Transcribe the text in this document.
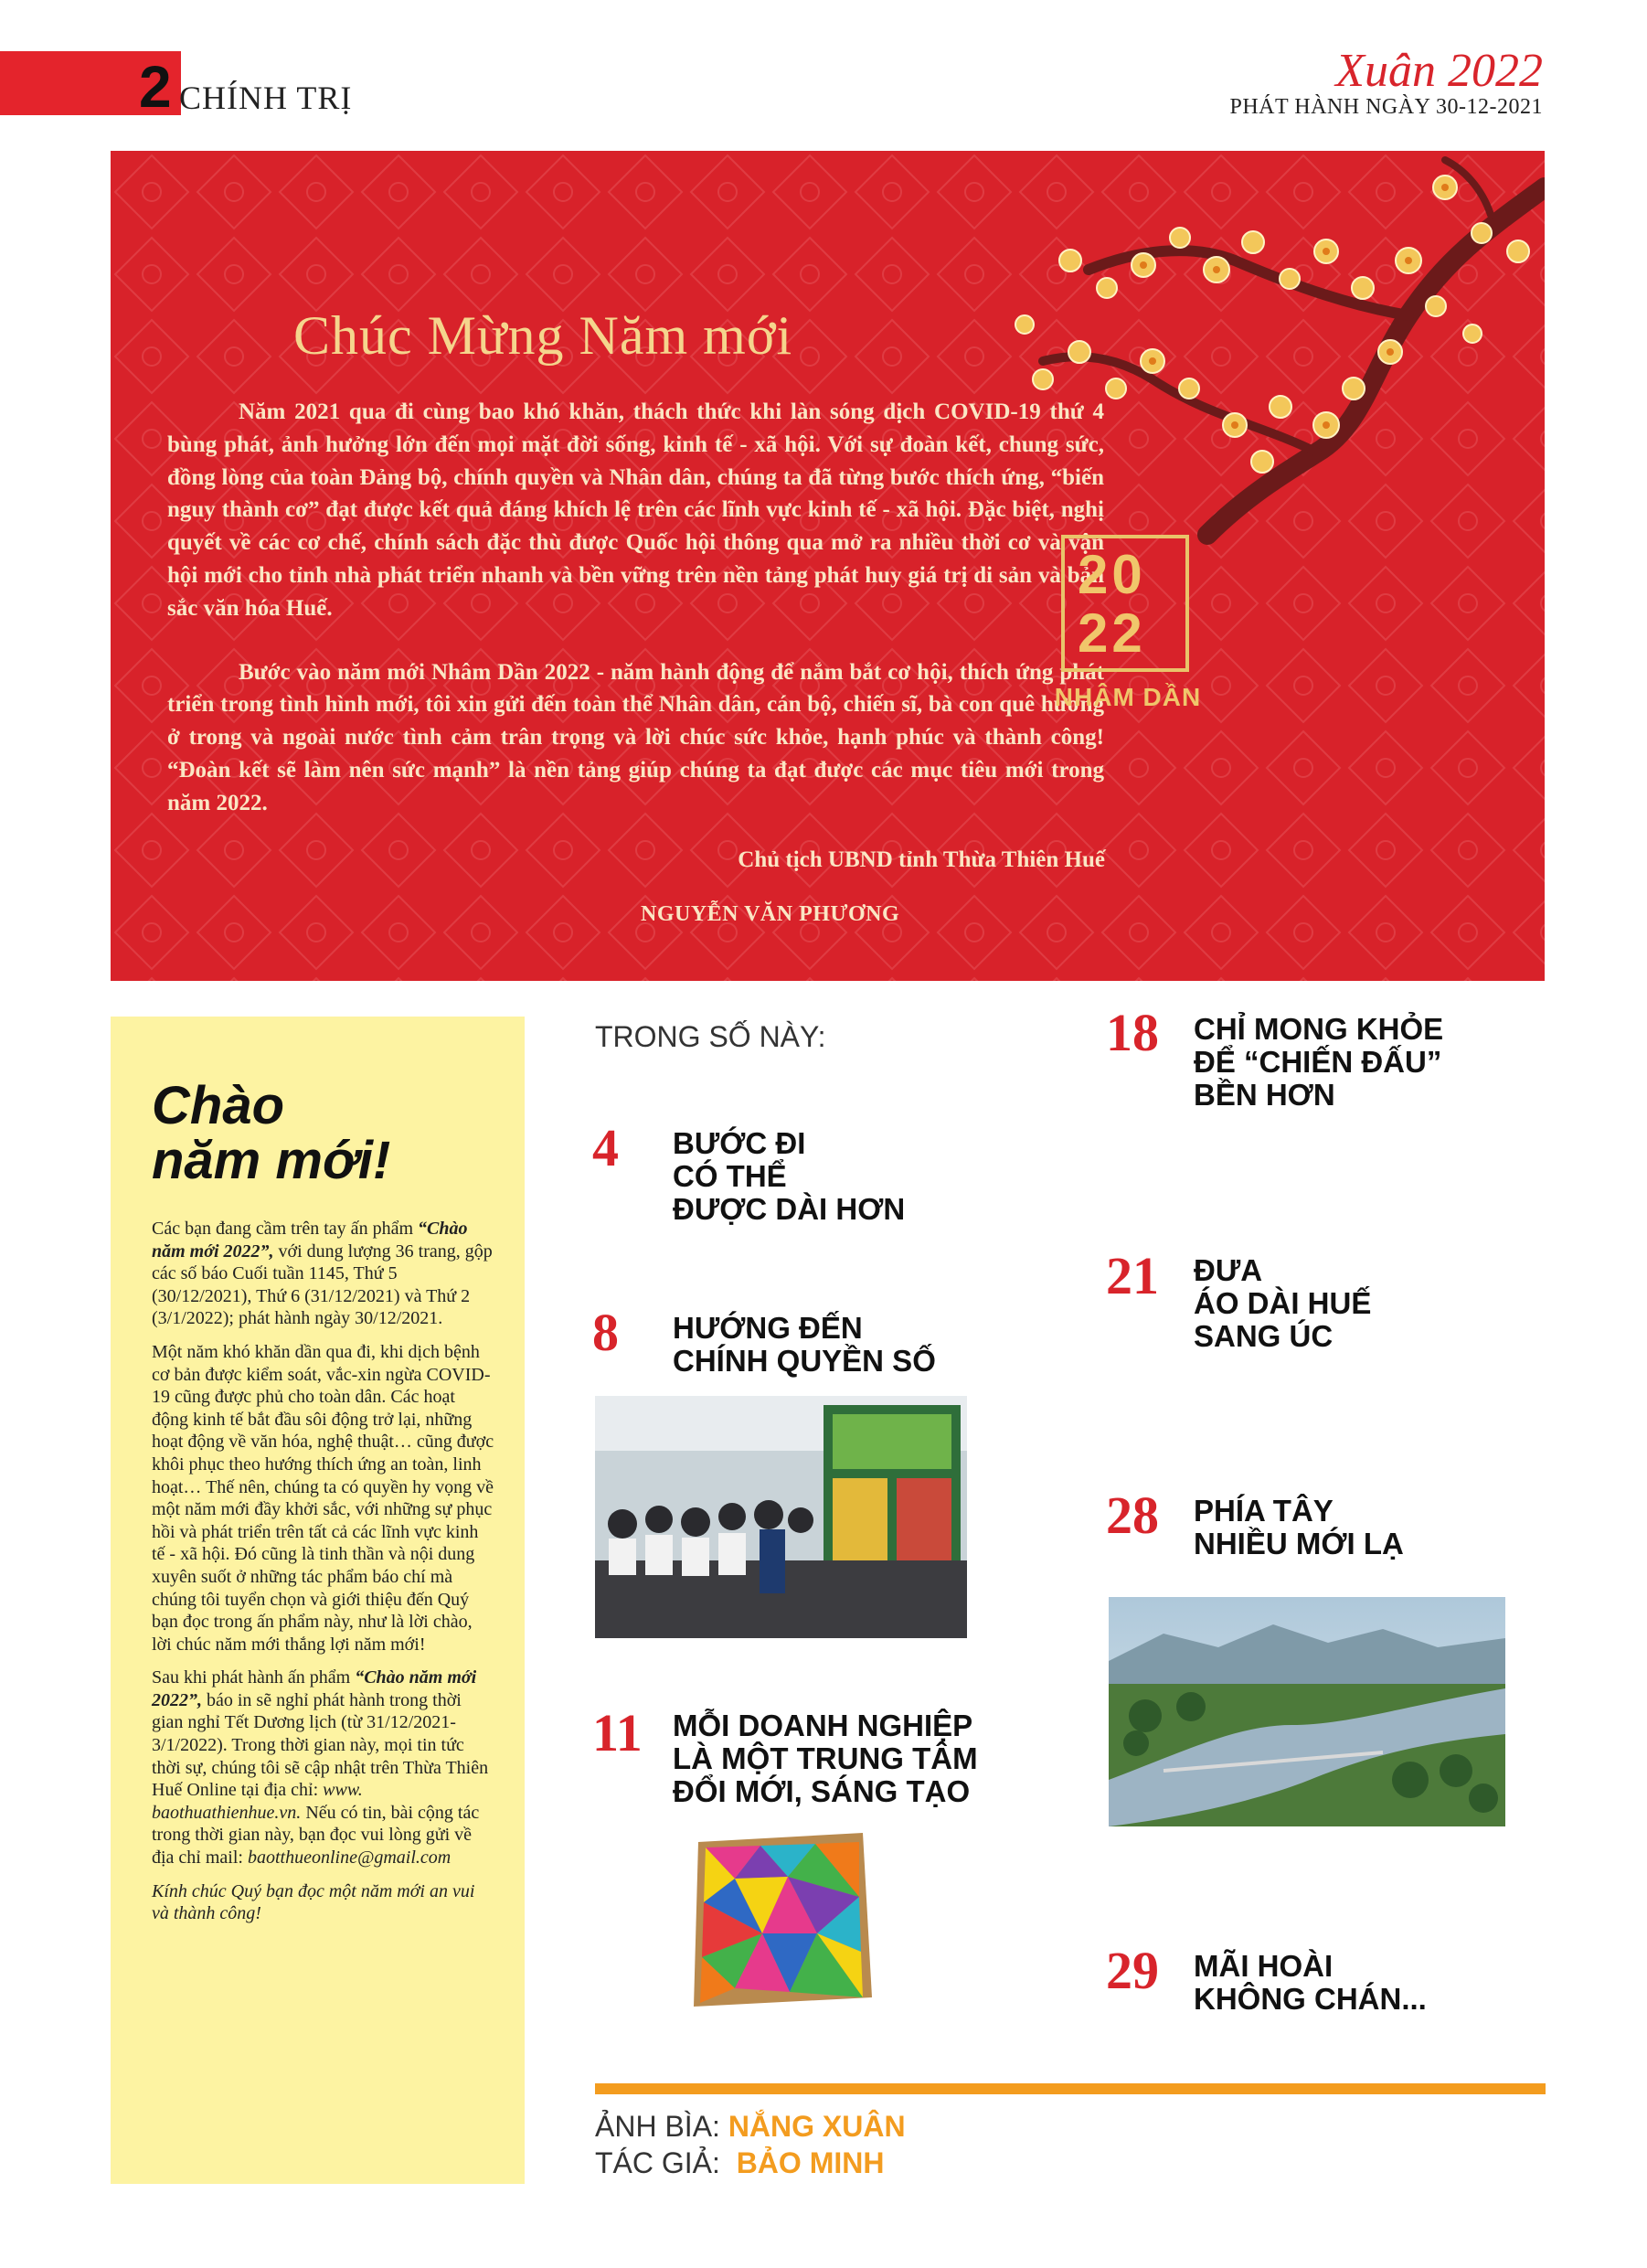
2 CHÍNH TRỊ
Xuân 2022
PHÁT HÀNH NGÀY 30-12-2021
Chúc Mừng Năm mới

Năm 2021 qua đi cùng bao khó khăn, thách thức khi làn sóng dịch COVID-19 thứ 4 bùng phát, ảnh hưởng lớn đến mọi mặt đời sống, kinh tế - xã hội. Với sự đoàn kết, chung sức, đồng lòng của toàn Đảng bộ, chính quyền và Nhân dân, chúng ta đã từng bước thích ứng, “biến nguy thành cơ” đạt được kết quả đáng khích lệ trên các lĩnh vực kinh tế - xã hội. Đặc biệt, nghị quyết về các cơ chế, chính sách đặc thù được Quốc hội thông qua mở ra nhiều thời cơ và vận hội mới cho tỉnh nhà phát triển nhanh và bền vững trên nền tảng phát huy giá trị di sản và bản sắc văn hóa Huế.

Bước vào năm mới Nhâm Dần 2022 - năm hành động để nắm bắt cơ hội, thích ứng phát triển trong tình hình mới, tôi xin gửi đến toàn thể Nhân dân, cán bộ, chiến sĩ, bà con quê hương ở trong và ngoài nước tình cảm trân trọng và lời chúc sức khỏe, hạnh phúc và thành công! “Đoàn kết sẽ làm nên sức mạnh” là nền tảng giúp chúng ta đạt được các mục tiêu mới trong năm 2022.

Chủ tịch UBND tỉnh Thừa Thiên Huế
NGUYỄN VĂN PHƯƠNG
20
22
NHÂM DẦN
Chào
năm mới!

Các bạn đang cầm trên tay ấn phẩm “Chào năm mới 2022”, với dung lượng 36 trang, gộp các số báo Cuối tuần 1145, Thứ 5 (30/12/2021), Thứ 6 (31/12/2021) và Thứ 2 (3/1/2022); phát hành ngày 30/12/2021.

Một năm khó khăn dần qua đi, khi dịch bệnh cơ bản được kiểm soát, vắc-xin ngừa COVID-19 cũng được phủ cho toàn dân. Các hoạt động kinh tế bắt đầu sôi động trở lại, những hoạt động về văn hóa, nghệ thuật… cũng được khôi phục theo hướng thích ứng an toàn, linh hoạt… Thế nên, chúng ta có quyền hy vọng về một năm mới đầy khởi sắc, với những sự phục hồi và phát triển trên tất cả các lĩnh vực kinh tế - xã hội. Đó cũng là tinh thần và nội dung xuyên suốt ở những tác phẩm báo chí mà chúng tôi tuyển chọn và giới thiệu đến Quý bạn đọc trong ấn phẩm này, như là lời chào, lời chúc năm mới thắng lợi năm mới!

Sau khi phát hành ấn phẩm “Chào năm mới 2022”, báo in sẽ nghỉ phát hành trong thời gian nghỉ Tết Dương lịch (từ 31/12/2021-3/1/2022). Trong thời gian này, mọi tin tức thời sự, chúng tôi sẽ cập nhật trên Thừa Thiên Huế Online tại địa chỉ: www. baothuathienhue.vn. Nếu có tin, bài cộng tác trong thời gian này, bạn đọc vui lòng gửi về địa chỉ mail: baotthueonline@gmail.com

Kính chúc Quý bạn đọc một năm mới an vui và thành công!

TRONG SỐ NÀY:
4 BƯỚC ĐI
CÓ THỂ
ĐƯỢC DÀI HƠN
8 HƯỚNG ĐẾN
CHÍNH QUYỀN SỐ
11 MỖI DOANH NGHIỆP
LÀ MỘT TRUNG TÂM
ĐỔI MỚI, SÁNG TẠO
18 CHỈ MONG KHỎE
ĐỂ “CHIẾN ĐẤU”
BỀN HƠN
21 ĐƯA
ÁO DÀI HUẾ
SANG ÚC
28 PHÍA TÂY
NHIỀU MỚI LẠ
29 MÃI HOÀI
KHÔNG CHÁN...
ẢNH BÌA: NẮNG XUÂN
TÁC GIẢ: BẢO MINH
